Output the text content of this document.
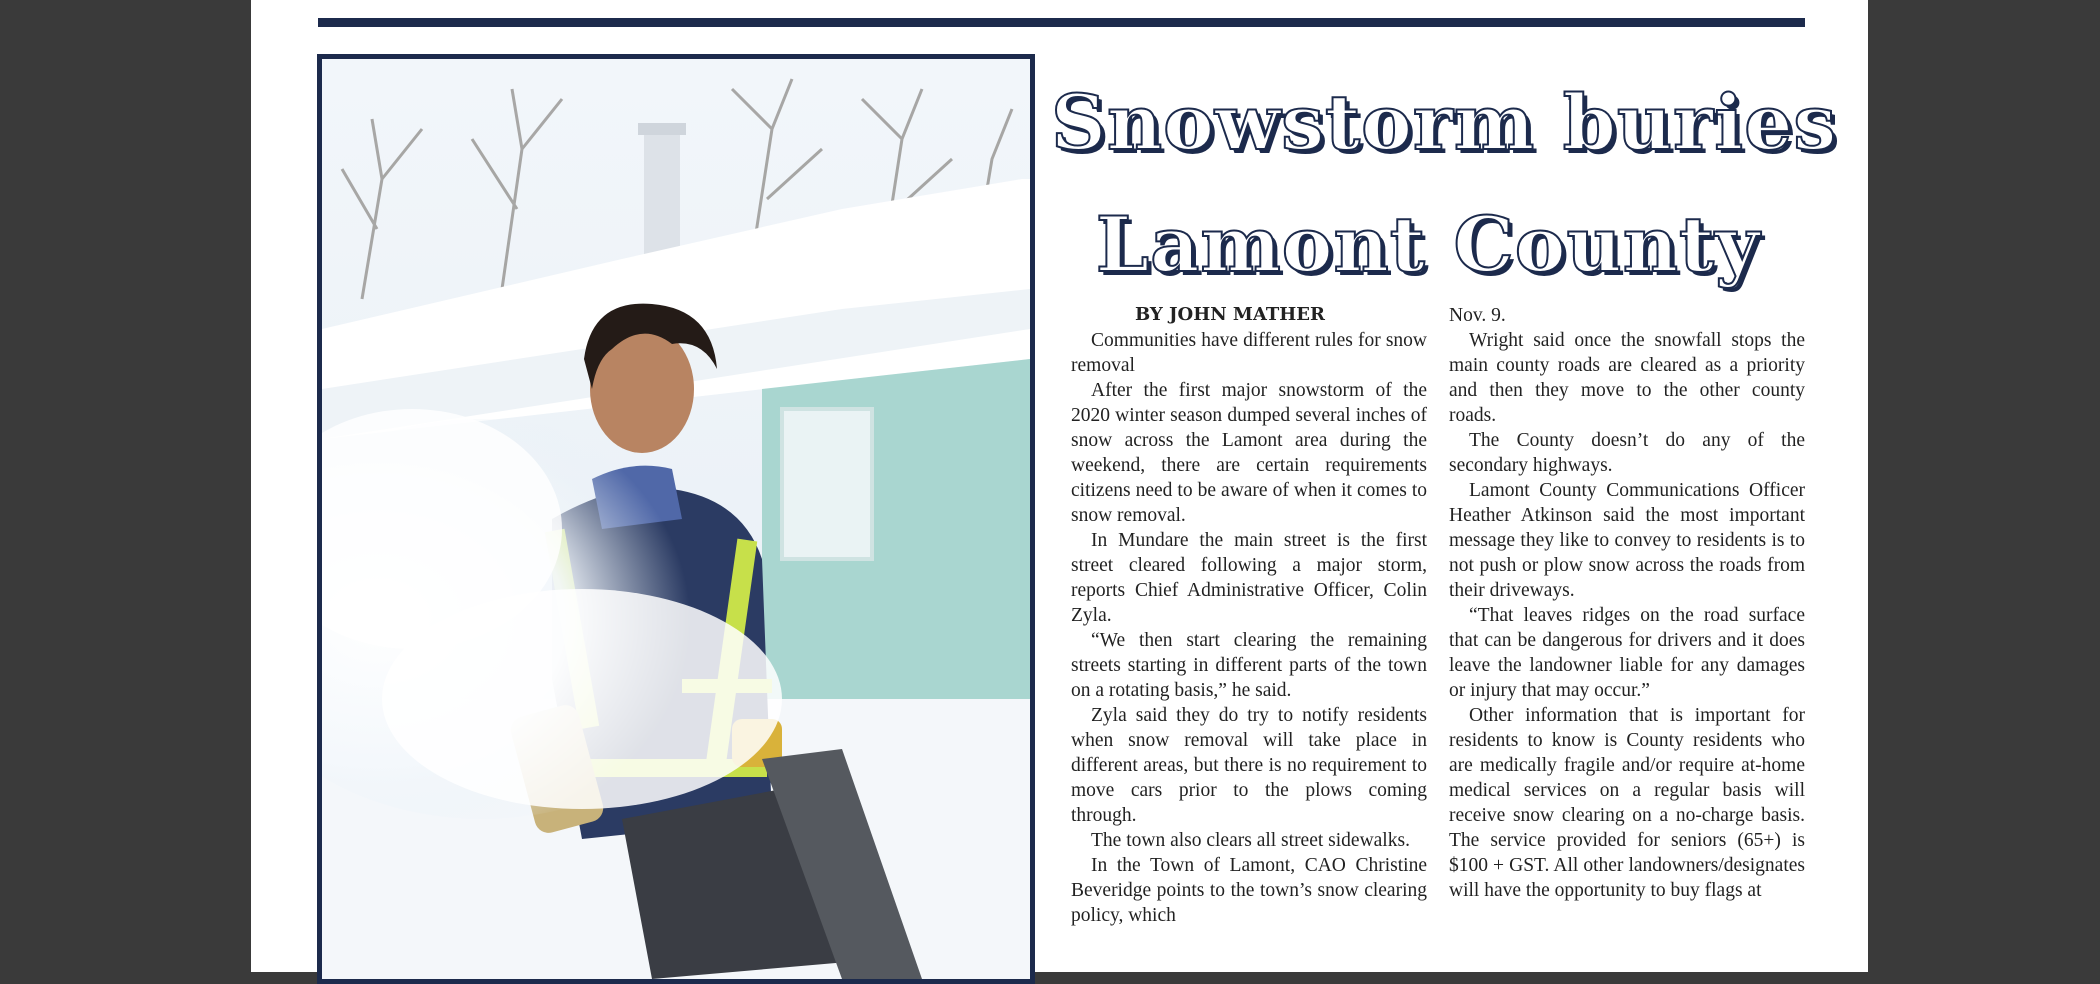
Snowstorm buries
Lamont County
BY JOHN MATHER

Communities have different rules for snow removal

After the first major snowstorm of the 2020 winter season dumped several inches of snow across the Lamont area during the weekend, there are certain requirements citizens need to be aware of when it comes to snow removal.

In Mundare the main street is the first street cleared following a major storm, reports Chief Administrative Officer, Colin Zyla.

“We then start clearing the remaining streets starting in different parts of the town on a rotating basis,” he said.

Zyla said they do try to notify residents when snow removal will take place in different areas, but there is no requirement to move cars prior to the plows coming through.

The town also clears all street sidewalks.

In the Town of Lamont, CAO Christine Beveridge points to the town’s snow clearing policy, which

Nov. 9.

Wright said once the snowfall stops the main county roads are cleared as a priority and then they move to the other county roads.

The County doesn’t do any of the secondary highways.

Lamont County Communications Officer Heather Atkinson said the most important message they like to convey to residents is to not push or plow snow across the roads from their driveways.

“That leaves ridges on the road surface that can be dangerous for drivers and it does leave the landowner liable for any damages or injury that may occur.”

Other information that is important for residents to know is County residents who are medically fragile and/or require at-home medical services on a regular basis will receive snow clearing on a no-charge basis. The service provided for seniors (65+) is $100 + GST. All other landowners/designates will have the opportunity to buy flags at
